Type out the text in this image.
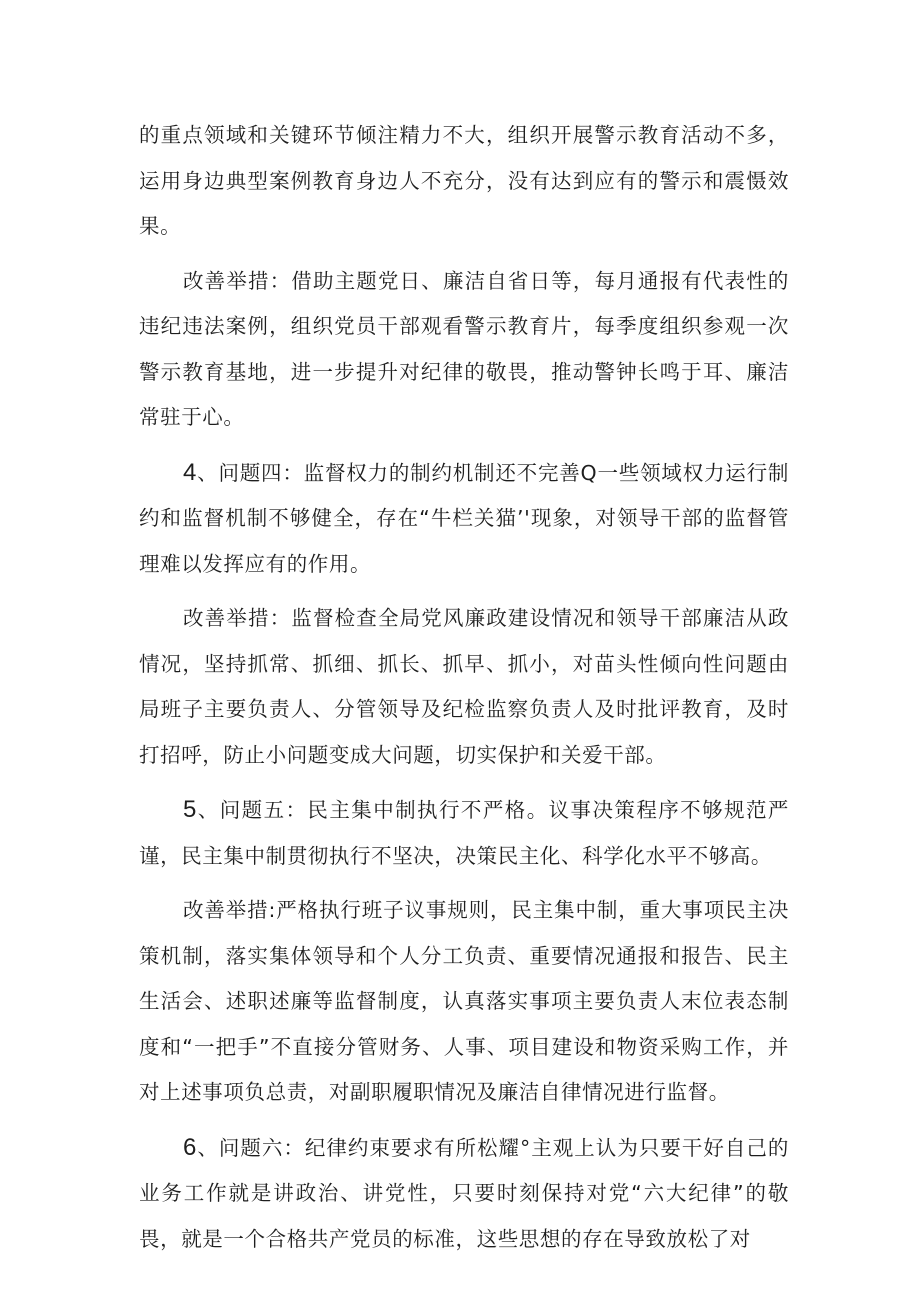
的重点领域和关键环节倾注精力不大，组织开展警示教育活动不多，运用身边典型案例教育身边人不充分，没有达到应有的警示和震慑效果。

改善举措：借助主题党日、廉洁自省日等，每月通报有代表性的违纪违法案例，组织党员干部观看警示教育片，每季度组织参观一次警示教育基地，进一步提升对纪律的敬畏，推动警钟长鸣于耳、廉洁常驻于心。

4、问题四：监督权力的制约机制还不完善Q一些领域权力运行制约和监督机制不够健全，存在“牛栏关猫’'现象，对领导干部的监督管理难以发挥应有的作用。

改善举措：监督检查全局党风廉政建设情况和领导干部廉洁从政情况，坚持抓常、抓细、抓长、抓早、抓小，对苗头性倾向性问题由局班子主要负责人、分管领导及纪检监察负责人及时批评教育，及时打招呼，防止小问题变成大问题，切实保护和关爱干部。

5、问题五：民主集中制执行不严格。议事决策程序不够规范严谨，民主集中制贯彻执行不坚决，决策民主化、科学化水平不够高。

改善举措:严格执行班子议事规则，民主集中制，重大事项民主决策机制，落实集体领导和个人分工负责、重要情况通报和报告、民主生活会、述职述廉等监督制度，认真落实事项主要负责人末位表态制度和“一把手”不直接分管财务、人事、项目建设和物资采购工作，并对上述事项负总责，对副职履职情况及廉洁自律情况进行监督。

6、问题六：纪律约束要求有所松耀°主观上认为只要干好自己的业务工作就是讲政治、讲党性，只要时刻保持对党“六大纪律”的敬畏，就是一个合格共产党员的标准，这些思想的存在导致放松了对
